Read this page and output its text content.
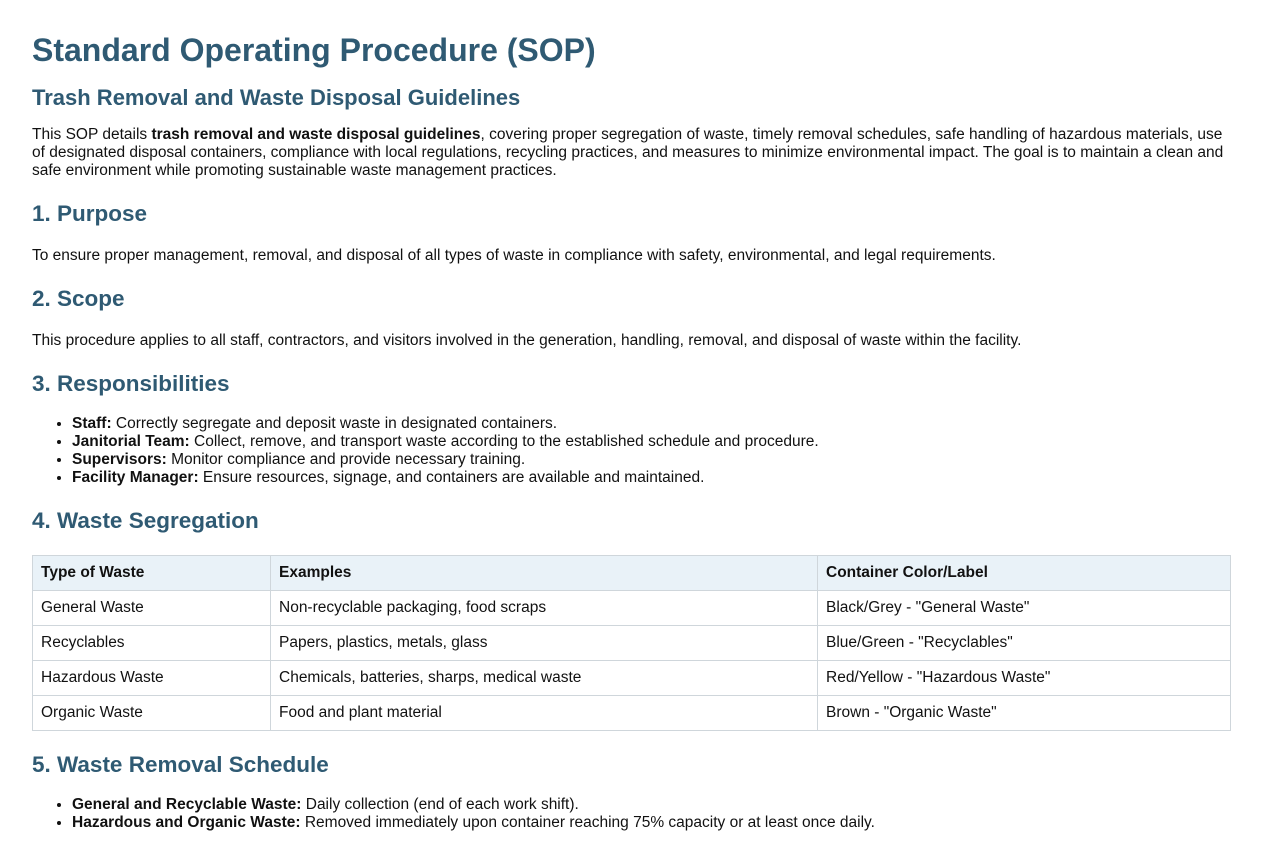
Standard Operating Procedure (SOP)
Trash Removal and Waste Disposal Guidelines

This SOP details trash removal and waste disposal guidelines, covering proper segregation of waste, timely removal schedules, safe handling of hazardous materials, use of designated disposal containers, compliance with local regulations, recycling practices, and measures to minimize environmental impact. The goal is to maintain a clean and safe environment while promoting sustainable waste management practices.

1. Purpose

To ensure proper management, removal, and disposal of all types of waste in compliance with safety, environmental, and legal requirements.

2. Scope

This procedure applies to all staff, contractors, and visitors involved in the generation, handling, removal, and disposal of waste within the facility.

3. Responsibilities
• Staff: Correctly segregate and deposit waste in designated containers.
• Janitorial Team: Collect, remove, and transport waste according to the established schedule and procedure.
• Supervisors: Monitor compliance and provide necessary training.
• Facility Manager: Ensure resources, signage, and containers are available and maintained.
4. Waste Segregation
Type of Waste	Examples	Container Color/Label
General Waste	Non-recyclable packaging, food scraps	Black/Grey - "General Waste"
Recyclables	Papers, plastics, metals, glass	Blue/Green - "Recyclables"
Hazardous Waste	Chemicals, batteries, sharps, medical waste	Red/Yellow - "Hazardous Waste"
Organic Waste	Food and plant material	Brown - "Organic Waste"
5. Waste Removal Schedule
• General and Recyclable Waste: Daily collection (end of each work shift).
• Hazardous and Organic Waste: Removed immediately upon container reaching 75% capacity or at least once daily.
